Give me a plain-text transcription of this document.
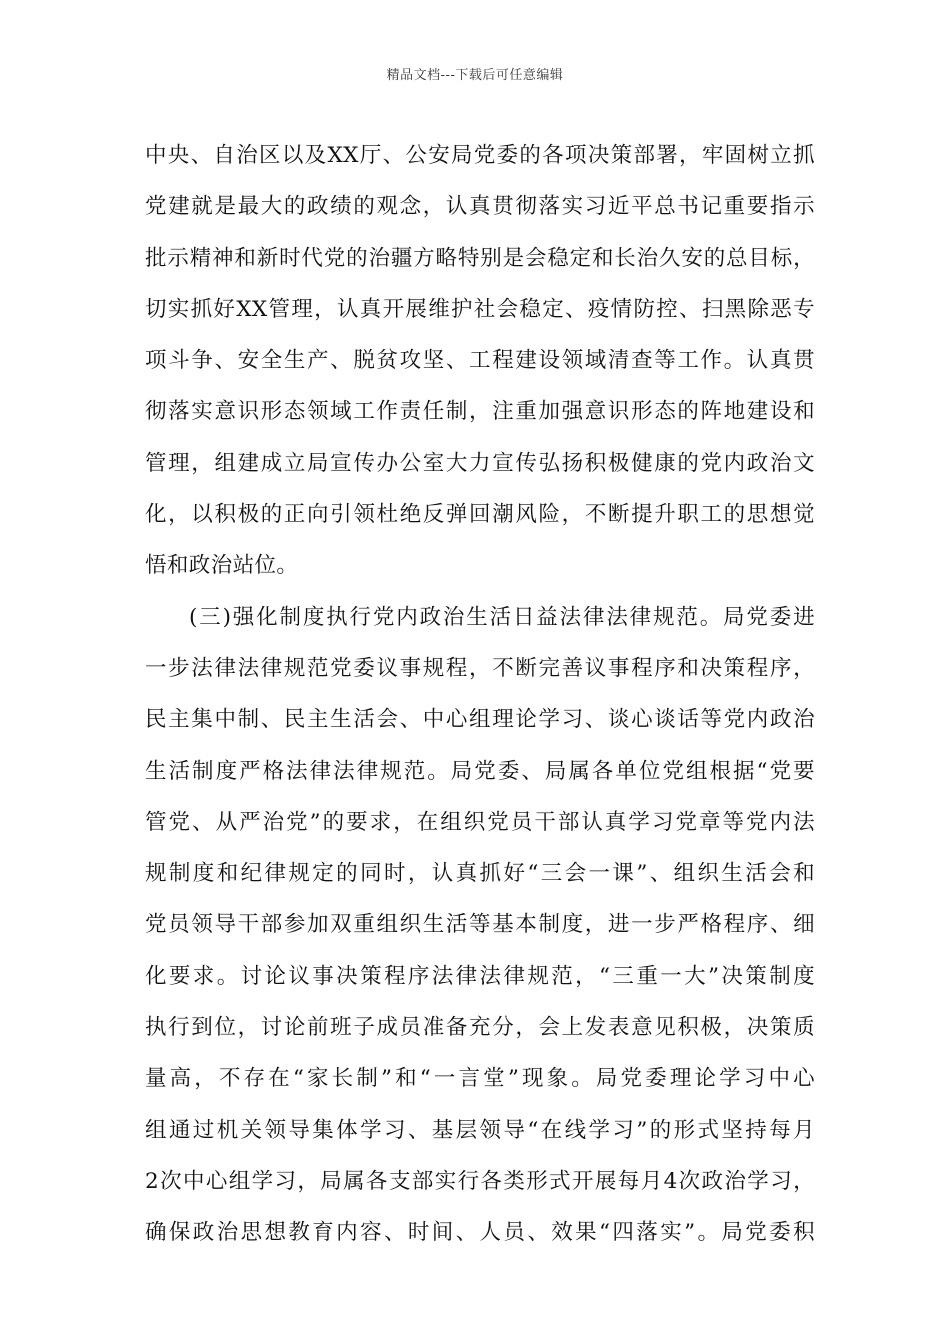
精品文档---下载后可任意编辑
中央、自治区以及XX厅、公安局党委的各项决策部署，牢固树立抓
党建就是最大的政绩的观念，认真贯彻落实习近平总书记重要指示
批示精神和新时代党的治疆方略特别是会稳定和长治久安的总目标，
切实抓好XX管理，认真开展维护社会稳定、疫情防控、扫黑除恶专
项斗争、安全生产、脱贫攻坚、工程建设领域清查等工作。认真贯
彻落实意识形态领域工作责任制，注重加强意识形态的阵地建设和
管理，组建成立局宣传办公室大力宣传弘扬积极健康的党内政治文
化，以积极的正向引领杜绝反弹回潮风险，不断提升职工的思想觉
悟和政治站位。
(三)强化制度执行党内政治生活日益法律法律规范。局党委进
一步法律法律规范党委议事规程，不断完善议事程序和决策程序，
民主集中制、民主生活会、中心组理论学习、谈心谈话等党内政治
生活制度严格法律法律规范。局党委、局属各单位党组根据“党要
管党、从严治党”的要求，在组织党员干部认真学习党章等党内法
规制度和纪律规定的同时，认真抓好“三会一课”、组织生活会和
党员领导干部参加双重组织生活等基本制度，进一步严格程序、细
化要求。讨论议事决策程序法律法律规范，“三重一大”决策制度
执行到位，讨论前班子成员准备充分，会上发表意见积极，决策质
量高，不存在“家长制”和“一言堂”现象。局党委理论学习中心
组通过机关领导集体学习、基层领导“在线学习”的形式坚持每月
2次中心组学习，局属各支部实行各类形式开展每月4次政治学习，
确保政治思想教育内容、时间、人员、效果“四落实”。局党委积
